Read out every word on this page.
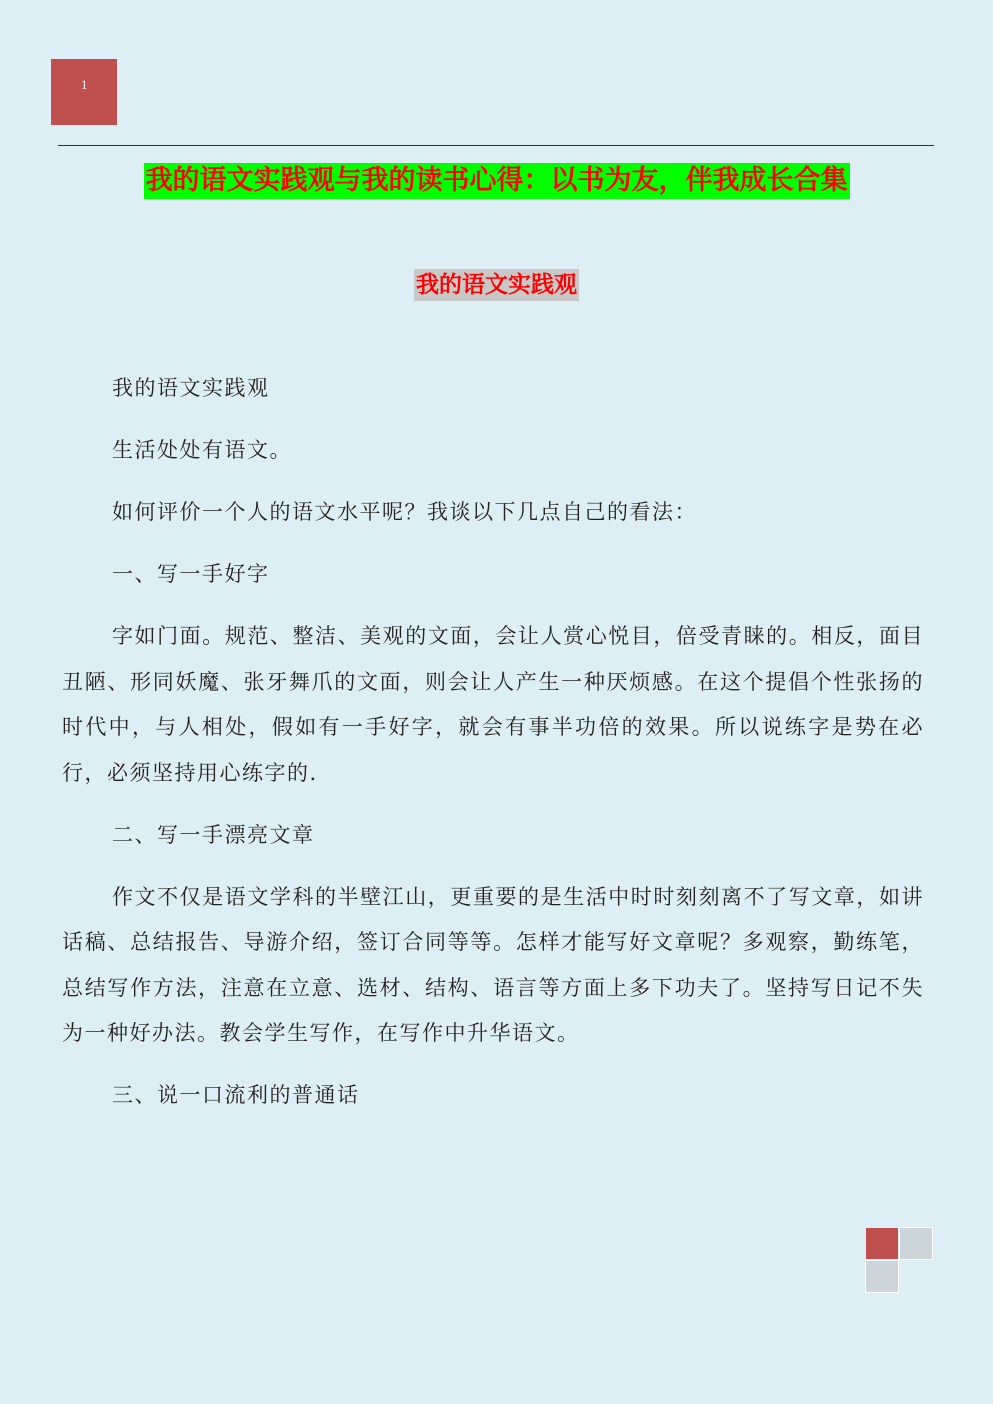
1
我的语文实践观与我的读书心得：以书为友，伴我成长合集
我的语文实践观

我的语文实践观

生活处处有语文。

如何评价一个人的语文水平呢？我谈以下几点自己的看法：

一、写一手好字

字如门面。规范、整洁、美观的文面，会让人赏心悦目，倍受青睐的。相反，面目丑陋、形同妖魔、张牙舞爪的文面，则会让人产生一种厌烦感。在这个提倡个性张扬的时代中，与人相处，假如有一手好字，就会有事半功倍的效果。所以说练字是势在必行，必须坚持用心练字的.

二、写一手漂亮文章

作文不仅是语文学科的半壁江山，更重要的是生活中时时刻刻离不了写文章，如讲话稿、总结报告、导游介绍，签订合同等等。怎样才能写好文章呢？多观察，勤练笔，总结写作方法，注意在立意、选材、结构、语言等方面上多下功夫了。坚持写日记不失为一种好办法。教会学生写作，在写作中升华语文。

三、说一口流利的普通话
